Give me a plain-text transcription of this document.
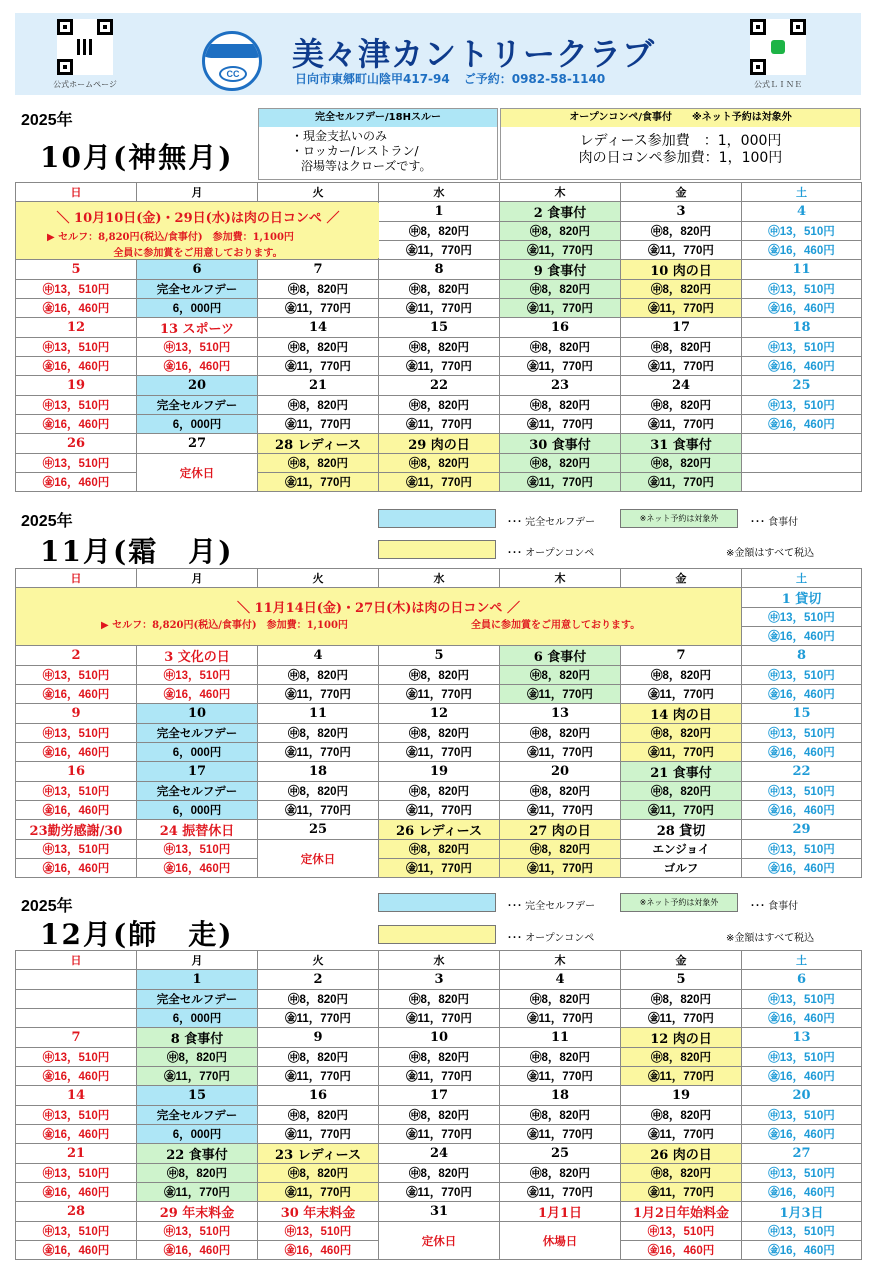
公式ホームページ
CC
美々津カントリークラブ
日向市東郷町山陰甲417-94 ご予約：0982-58-1140	公式ＬＩＮＥ
2025年
10月(神無月)
完全セルフデー/18Hスルー
・現金支払いのみ
・ロッカー/レストラン/
浴場等はクローズです。
オープンコンペ/食事付　　※ネット予約は対象外
レディース参加費　：1，000円
肉の日コンペ参加費：1，100円
日	月	火	水	木	金	土
			1	2 食事付	3	4
			㊥8，820円	㊥8，820円	㊥8，820円	㊥13，510円
			㊎11，770円	㊎11，770円	㊎11，770円	㊎16，460円
5	6	7	8	9 食事付	10 肉の日	11
㊥13，510円	完全セルフデー	㊥8，820円	㊥8，820円	㊥8，820円	㊥8，820円	㊥13，510円
㊎16，460円	6，000円	㊎11，770円	㊎11，770円	㊎11，770円	㊎11，770円	㊎16，460円
12	13 スポーツ	14	15	16	17	18
㊥13，510円	㊥13，510円	㊥8，820円	㊥8，820円	㊥8，820円	㊥8，820円	㊥13，510円
㊎16，460円	㊎16，460円	㊎11，770円	㊎11，770円	㊎11，770円	㊎11，770円	㊎16，460円
19	20	21	22	23	24	25
㊥13，510円	完全セルフデー	㊥8，820円	㊥8，820円	㊥8，820円	㊥8，820円	㊥13，510円
㊎16，460円	6，000円	㊎11，770円	㊎11，770円	㊎11，770円	㊎11，770円	㊎16，460円
26	27	28 レディース	29 肉の日	30 食事付	31 食事付	
㊥13，510円	定休日	㊥8，820円	㊥8，820円	㊥8，820円	㊥8，820円	
㊎16，460円		㊎11，770円	㊎11，770円	㊎11，770円	㊎11，770円	
＼ 10月10日(金)・29日(水)は肉の日コンペ ／
▶ セルフ：8,820円(税込/食事付)　参加費：1,100円
全員に参加賞をご用意しております。
･･･ 完全セルフデー	※ネット予約は対象外	･･･ 食事付
･･･ オープンコンペ	※金額はすべて税込
2025年
11月(霜　月)
日	月	火	水	木	金	土

＼ 11月14日(金)・27日(木)は肉の日コンペ ／
▶ セルフ：8,820円(税込/食事付)　参加費：1,100円 全員に参加賞をご用意しております。						1 貸切
						㊥13，510円
						㊎16，460円
2	3 文化の日	4	5	6 食事付	7	8
㊥13，510円	㊥13，510円	㊥8，820円	㊥8，820円	㊥8，820円	㊥8，820円	㊥13，510円
㊎16，460円	㊎16，460円	㊎11，770円	㊎11，770円	㊎11，770円	㊎11，770円	㊎16，460円
9	10	11	12	13	14 肉の日	15
㊥13，510円	完全セルフデー	㊥8，820円	㊥8，820円	㊥8，820円	㊥8，820円	㊥13，510円
㊎16，460円	6，000円	㊎11，770円	㊎11，770円	㊎11，770円	㊎11，770円	㊎16，460円
16	17	18	19	20	21 食事付	22
㊥13，510円	完全セルフデー	㊥8，820円	㊥8，820円	㊥8，820円	㊥8，820円	㊥13，510円
㊎16，460円	6，000円	㊎11，770円	㊎11，770円	㊎11，770円	㊎11，770円	㊎16，460円
23勤労感謝/30	24 振替休日	25	26 レディース	27 肉の日	28 貸切	29
㊥13，510円	㊥13，510円	定休日	㊥8，820円	㊥8，820円	エンジョイ	㊥13，510円
㊎16，460円	㊎16，460円		㊎11，770円	㊎11，770円	ゴルフ	㊎16，460円
･･･ 完全セルフデー	※ネット予約は対象外	･･･ 食事付
･･･ オープンコンペ	※金額はすべて税込
2025年
12月(師　走)
日	月	火	水	木	金	土
	1	2	3	4	5	6
	完全セルフデー	㊥8，820円	㊥8，820円	㊥8，820円	㊥8，820円	㊥13，510円
	6，000円	㊎11，770円	㊎11，770円	㊎11，770円	㊎11，770円	㊎16，460円
7	8 食事付	9	10	11	12 肉の日	13
㊥13，510円	㊥8，820円	㊥8，820円	㊥8，820円	㊥8，820円	㊥8，820円	㊥13，510円
㊎16，460円	㊎11，770円	㊎11，770円	㊎11，770円	㊎11，770円	㊎11，770円	㊎16，460円
14	15	16	17	18	19	20
㊥13，510円	完全セルフデー	㊥8，820円	㊥8，820円	㊥8，820円	㊥8，820円	㊥13，510円
㊎16，460円	6，000円	㊎11，770円	㊎11，770円	㊎11，770円	㊎11，770円	㊎16，460円
21	22 食事付	23 レディース	24	25	26 肉の日	27
㊥13，510円	㊥8，820円	㊥8，820円	㊥8，820円	㊥8，820円	㊥8，820円	㊥13，510円
㊎16，460円	㊎11，770円	㊎11，770円	㊎11，770円	㊎11，770円	㊎11，770円	㊎16，460円
28	29 年末料金	30 年末料金	31	1月1日	1月2日年始料金	1月3日
㊥13，510円	㊥13，510円	㊥13，510円	定休日	休場日	㊥13，510円	㊥13，510円
㊎16，460円	㊎16，460円	㊎16，460円			㊎16，460円	㊎16，460円
